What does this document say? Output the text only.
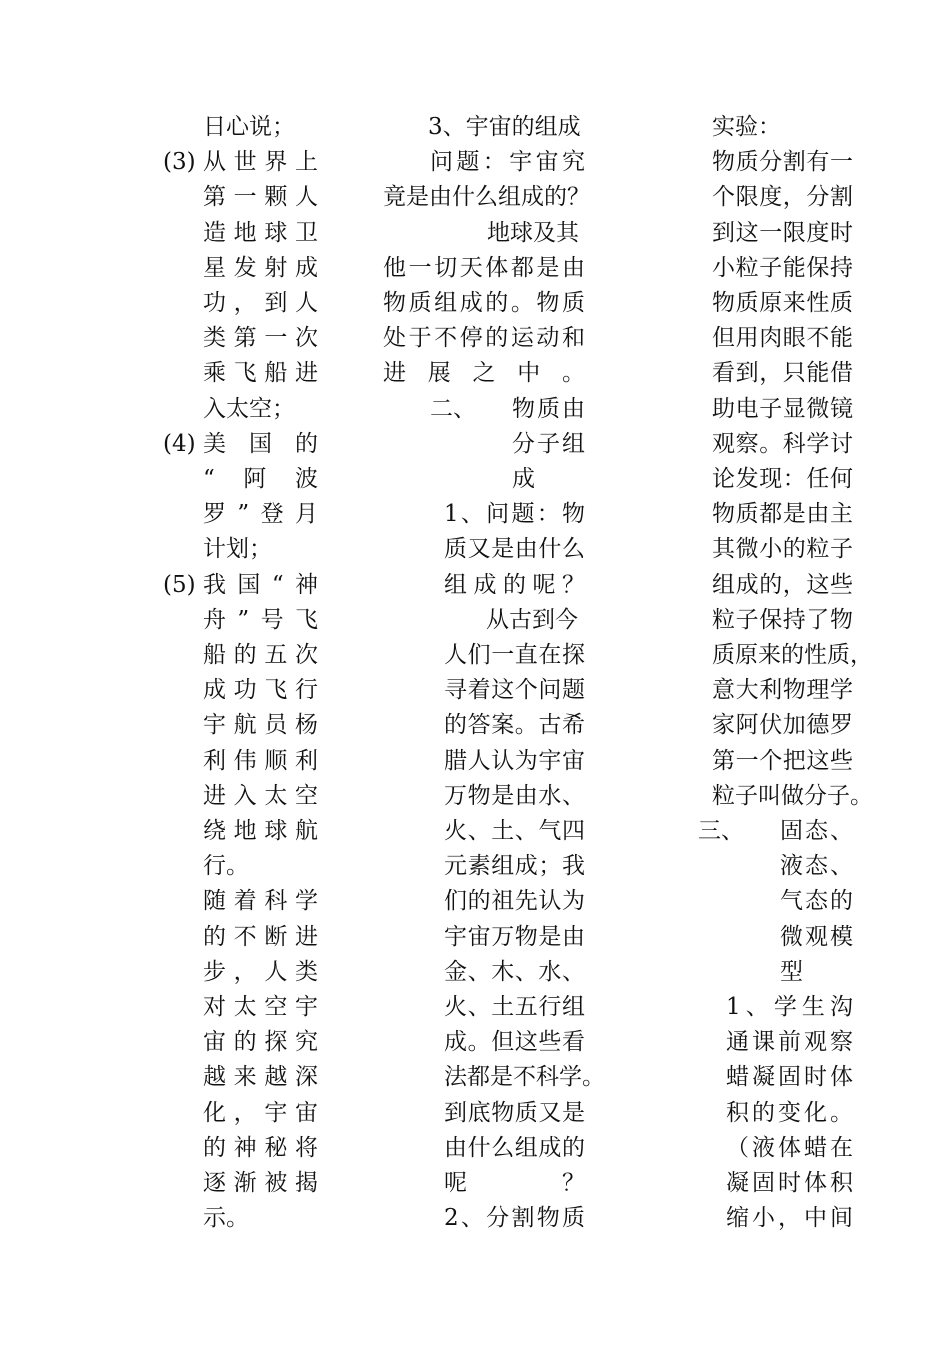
日心说；
(3) 从世界上
第一颗人
造地球卫
星发射成
功，到人
类第一次
乘飞船进
入太空；
(4) 美　国　的
“　阿　波
罗”登月
计划；
(5) 我国“神
舟”号飞
船的五次
成功飞行
宇航员杨
利伟顺利
进入太空
绕地球航
行。
随着科学
的不断进
步，人类
对太空宇
宙的探究
越来越深
化，宇宙
的神秘将
逐渐被揭
示。
3、宇宙的组成
问题：宇宙究
竟是由什么组成的？
地球及其
他一切天体都是由
物质组成的。物质
处于不停的运动和
进展之中。
二、 物质由
分子组
成
1、问题：物
质又是由什么
组成的呢？
从古到今
人们一直在探
寻着这个问题
的答案。古希
腊人认为宇宙
万物是由水、
火、土、气四
元素组成；我
们的祖先认为
宇宙万物是由
金、木、水、
火、土五行组
成。但这些看
法都是不科学。
到底物质又是
由什么组成的
呢？
2、分割物质
实验：
物质分割有一
个限度，分割
到这一限度时
小粒子能保持
物质原来性质
但用肉眼不能
看到，只能借
助电子显微镜
观察。科学讨
论发现：任何
物质都是由主
其微小的粒子
组成的，这些
粒子保持了物
质原来的性质，
意大利物理学
家阿伏加德罗
第一个把这些
粒子叫做分子。
三、 固态、
液态、
气态的
微观模
型
1、学生沟
通课前观察
蜡凝固时体
积的变化。
（液体蜡在
凝固时体积
缩小，中间
